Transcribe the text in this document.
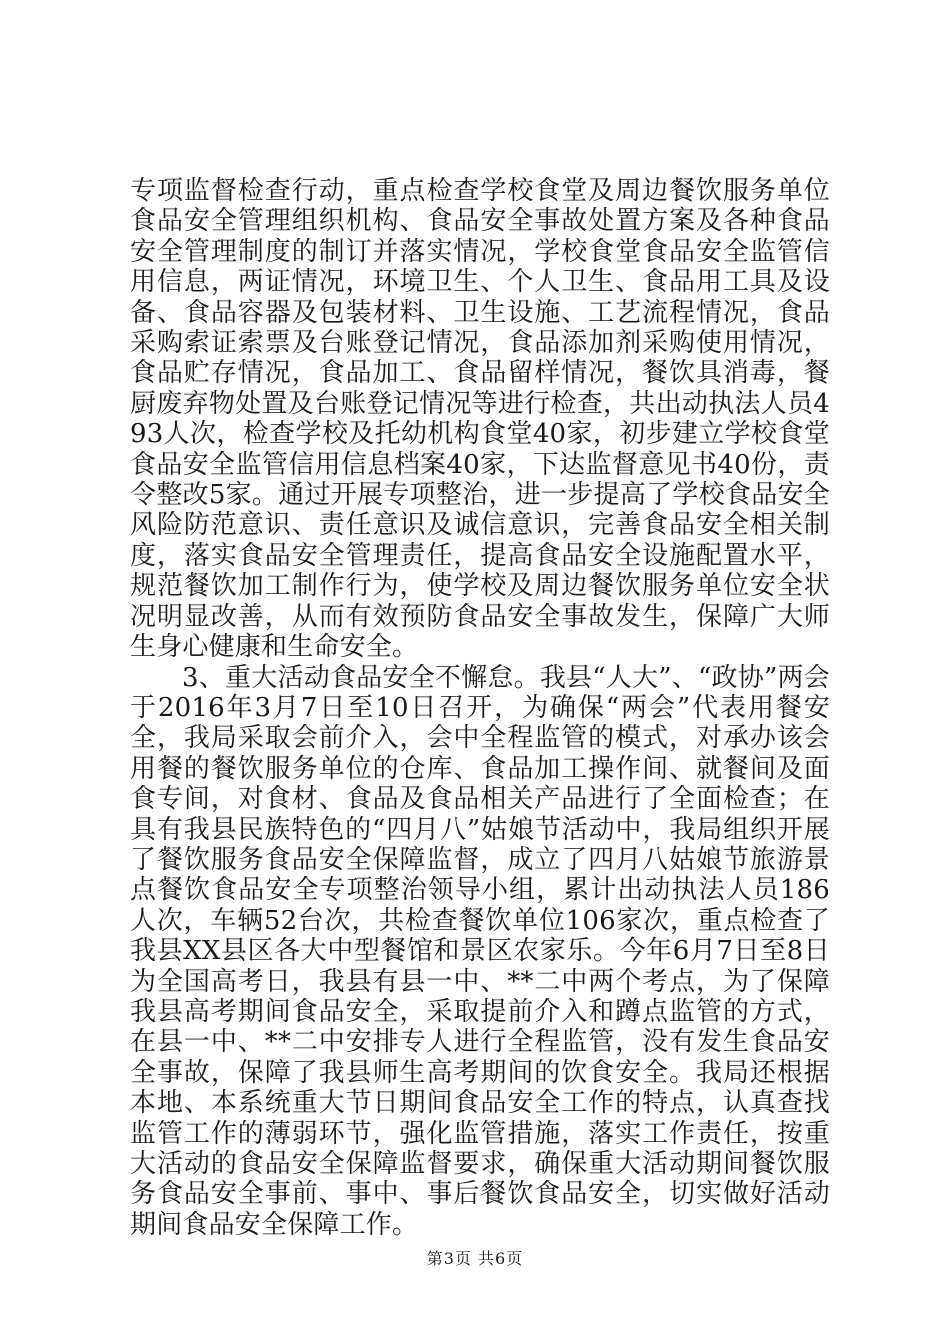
专项监督检查行动，重点检查学校食堂及周边餐饮服务单位食品安全管理组织机构、食品安全事故处置方案及各种食品安全管理制度的制订并落实情况，学校食堂食品安全监管信用信息，两证情况，环境卫生、个人卫生、食品用工具及设备、食品容器及包装材料、卫生设施、工艺流程情况，食品采购索证索票及台账登记情况，食品添加剂采购使用情况，食品贮存情况，食品加工、食品留样情况，餐饮具消毒，餐厨废弃物处置及台账登记情况等进行检查，共出动执法人员493人次，检查学校及托幼机构食堂40家，初步建立学校食堂食品安全监管信用信息档案40家，下达监督意见书40份，责令整改5家。通过开展专项整治，进一步提高了学校食品安全风险防范意识、责任意识及诚信意识，完善食品安全相关制度，落实食品安全管理责任，提高食品安全设施配置水平，规范餐饮加工制作行为，使学校及周边餐饮服务单位安全状况明显改善，从而有效预防食品安全事故发生，保障广大师生身心健康和生命安全。

3、重大活动食品安全不懈怠。我县“人大”、“政协”两会于2016年3月7日至10日召开，为确保“两会”代表用餐安全，我局采取会前介入，会中全程监管的模式，对承办该会用餐的餐饮服务单位的仓库、食品加工操作间、就餐间及面食专间，对食材、食品及食品相关产品进行了全面检查；在具有我县民族特色的“四月八”姑娘节活动中，我局组织开展了餐饮服务食品安全保障监督，成立了四月八姑娘节旅游景点餐饮食品安全专项整治领导小组，累计出动执法人员186人次，车辆52台次，共检查餐饮单位106家次，重点检查了我县XX县区各大中型餐馆和景区农家乐。今年6月7日至8日为全国高考日，我县有县一中、**二中两个考点，为了保障我县高考期间食品安全，采取提前介入和蹲点监管的方式，在县一中、**二中安排专人进行全程监管，没有发生食品安全事故，保障了我县师生高考期间的饮食安全。我局还根据本地、本系统重大节日期间食品安全工作的特点，认真查找监管工作的薄弱环节，强化监管措施，落实工作责任，按重大活动的食品安全保障监督要求，确保重大活动期间餐饮服务食品安全事前、事中、事后餐饮食品安全，切实做好活动期间食品安全保障工作。

第3页 共6页
